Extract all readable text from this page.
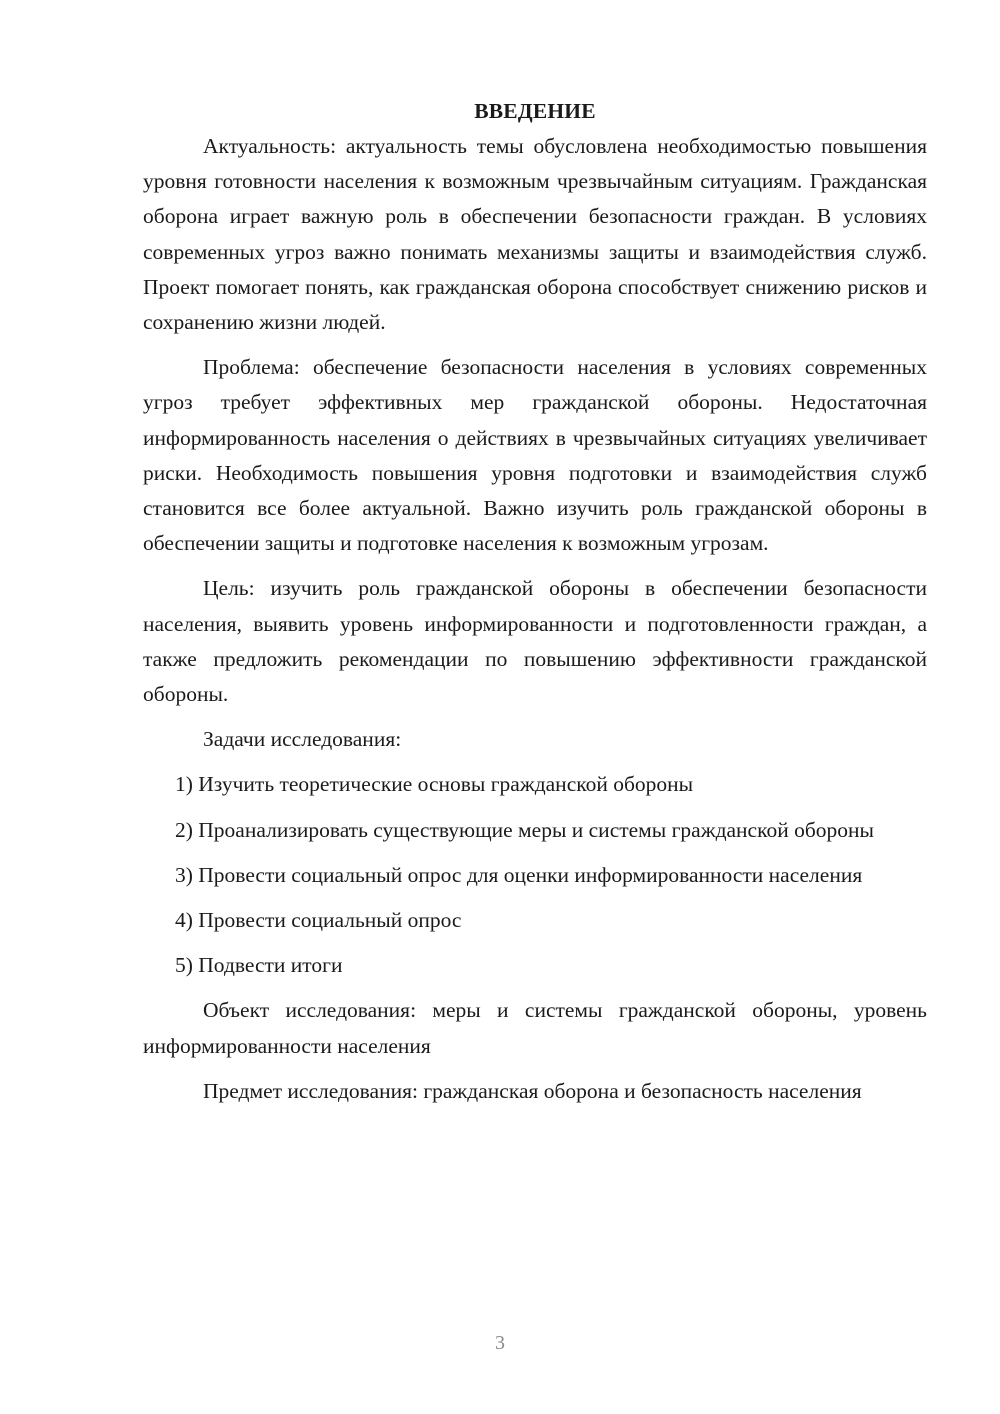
ВВЕДЕНИЕ

Актуальность: актуальность темы обусловлена необходимостью повышения уровня готовности населения к возможным чрезвычайным ситуациям. Гражданская оборона играет важную роль в обеспечении безопасности граждан. В условиях современных угроз важно понимать механизмы защиты и взаимодействия служб. Проект помогает понять, как гражданская оборона способствует снижению рисков и сохранению жизни людей.

Проблема: обеспечение безопасности населения в условиях современных угроз требует эффективных мер гражданской обороны. Недостаточная информированность населения о действиях в чрезвычайных ситуациях увеличивает риски. Необходимость повышения уровня подготовки и взаимодействия служб становится все более актуальной. Важно изучить роль гражданской обороны в обеспечении защиты и подготовке населения к возможным угрозам.

Цель: изучить роль гражданской обороны в обеспечении безопасности населения, выявить уровень информированности и подготовленности граждан, а также предложить рекомендации по повышению эффективности гражданской обороны.

Задачи исследования:

1) Изучить теоретические основы гражданской обороны

2) Проанализировать существующие меры и системы гражданской обороны

3) Провести социальный опрос для оценки информированности населения

4) Провести социальный опрос

5) Подвести итоги

Объект исследования: меры и системы гражданской обороны, уровень информированности населения

Предмет исследования: гражданская оборона и безопасность населения

3
